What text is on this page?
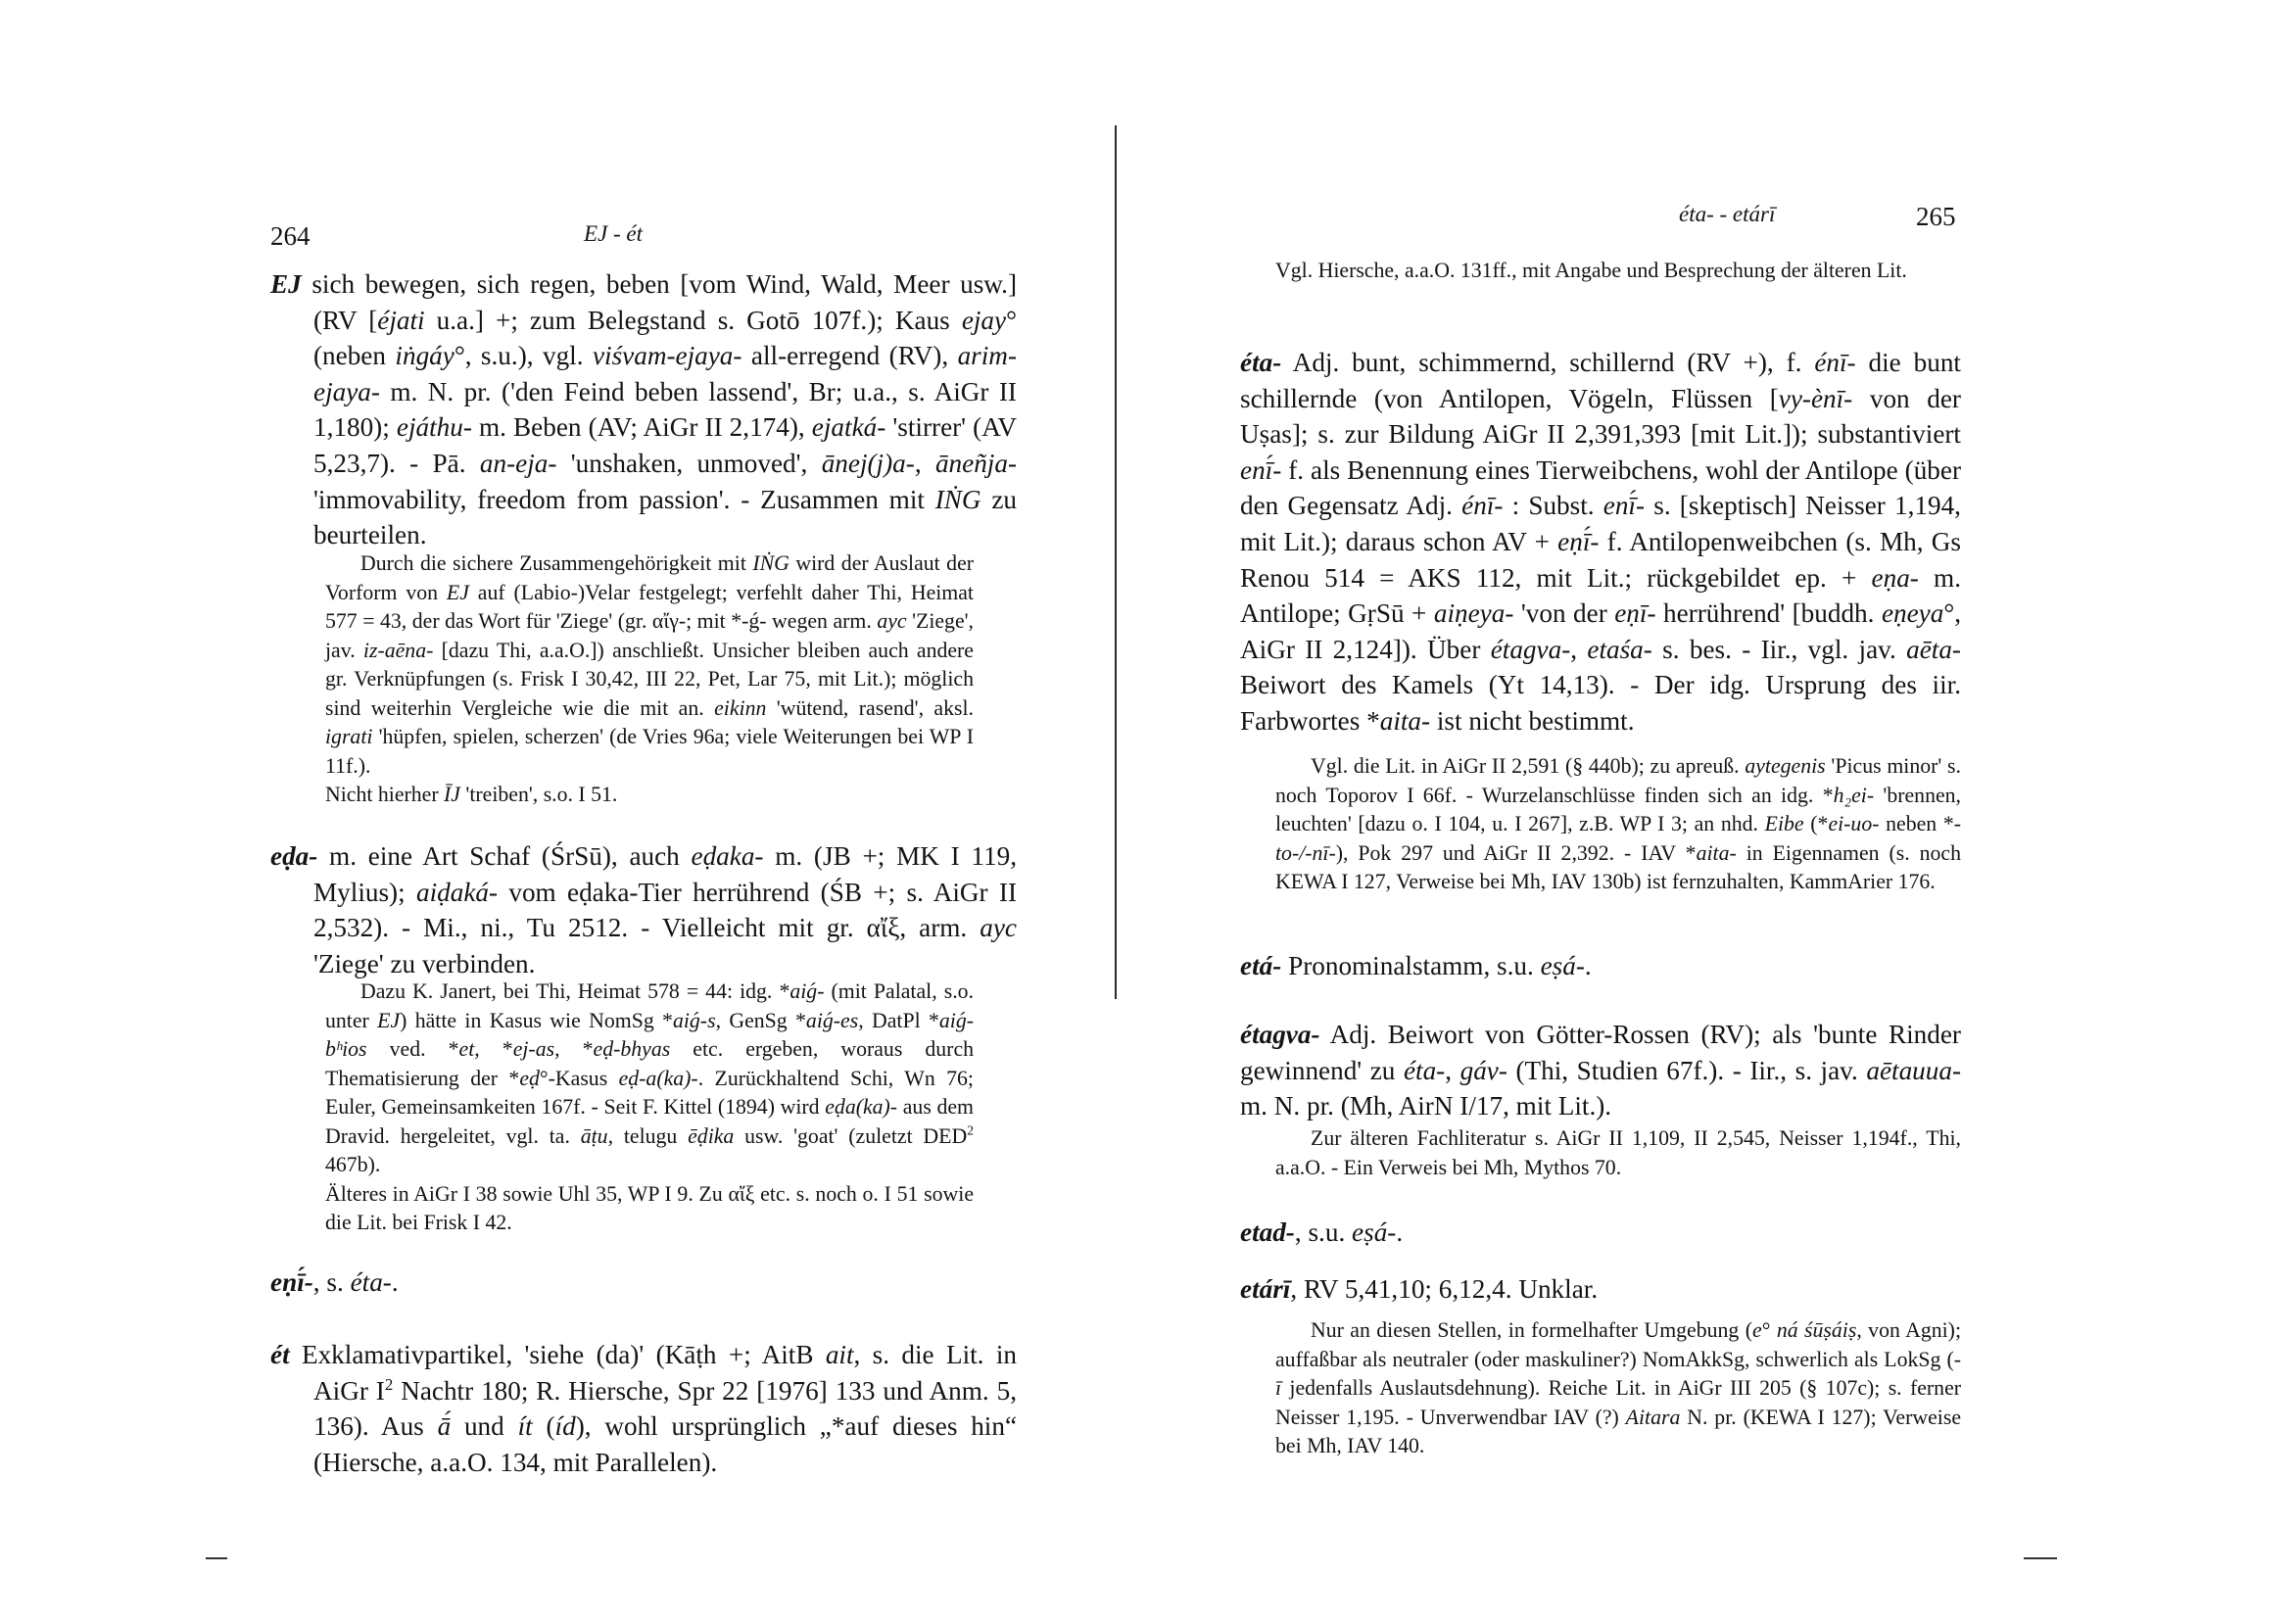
264	EJ - ét

EJ sich bewegen, sich regen, beben [vom Wind, Wald, Meer usw.] (RV [éjati u.a.] +; zum Belegstand s. Gotō 107f.); Kaus ejay° (neben iṅgáy°, s.u.), vgl. viśvam-ejaya- all-erregend (RV), arim-ejaya- m. N. pr. ('den Feind beben lassend', Br; u.a., s. AiGr II 1,180); ejáthu- m. Beben (AV; AiGr II 2,174), ejatká- 'stirrer' (AV 5,23,7). - Pā. an-eja- 'unshaken, unmoved', ānej(j)a-, āneñja- 'immovability, freedom from passion'. - Zusammen mit IṄG zu beurteilen.

Durch die sichere Zusammengehörigkeit mit IṄG wird der Auslaut der Vorform von EJ auf (Labio-)Velar festgelegt; verfehlt daher Thi, Heimat 577 = 43, der das Wort für 'Ziege' (gr. αἴγ-; mit *-ǵ- wegen arm. ayc 'Ziege', jav. iz-aēna- [dazu Thi, a.a.O.]) anschließt. Unsicher bleiben auch andere gr. Verknüpfungen (s. Frisk I 30,42, III 22, Pet, Lar 75, mit Lit.); möglich sind weiterhin Vergleiche wie die mit an. eikinn 'wütend, rasend', aksl. igrati 'hüpfen, spielen, scherzen' (de Vries 96a; viele Weiterungen bei WP I 11f.).
Nicht hierher ĪJ 'treiben', s.o. I 51.

eḍa- m. eine Art Schaf (ŚrSū), auch eḍaka- m. (JB +; MK I 119, Mylius); aiḍaká- vom eḍaka-Tier herrührend (ŚB +; s. AiGr II 2,532). - Mi., ni., Tu 2512. - Vielleicht mit gr. αἴξ, arm. ayc 'Ziege' zu verbinden.

Dazu K. Janert, bei Thi, Heimat 578 = 44: idg. *aiǵ- (mit Palatal, s.o. unter EJ) hätte in Kasus wie NomSg *aiǵ-s, GenSg *aiǵ-es, DatPl *aiǵ-bʰios ved. *et, *ej-as, *eḍ-bhyas etc. ergeben, woraus durch Thematisierung der *eḍ°-Kasus eḍ-a(ka)-. Zurückhaltend Schi, Wn 76; Euler, Gemeinsamkeiten 167f. - Seit F. Kittel (1894) wird eḍa(ka)- aus dem Dravid. hergeleitet, vgl. ta. āṭu, telugu ēḍika usw. 'goat' (zuletzt DED$^2$ 467b).
Älteres in AiGr I 38 sowie Uhl 35, WP I 9. Zu αἴξ etc. s. noch o. I 51 sowie die Lit. bei Frisk I 42.

eṇī́-, s. éta-.

ét Exklamativpartikel, 'siehe (da)' (Kāṭh +; AitB ait, s. die Lit. in AiGr $I^2$ Nachtr 180; R. Hiersche, Spr 22 [1976] 133 und Anm. 5, 136). Aus ā́ und ít (íd), wohl ursprünglich „*auf dieses hin“ (Hiersche, a.a.O. 134, mit Parallelen).

éta- - etárī	265

Vgl. Hiersche, a.a.O. 131ff., mit Angabe und Besprechung der älteren Lit.

éta- Adj. bunt, schimmernd, schillernd (RV +), f. énī- die bunt schillernde (von Antilopen, Vögeln, Flüssen [vy-ènī- von der Uṣas]; s. zur Bildung AiGr II 2,391,393 [mit Lit.]); substantiviert enī́- f. als Benennung eines Tierweibchens, wohl der Antilope (über den Gegensatz Adj. énī- : Subst. enī́- s. [skeptisch] Neisser 1,194, mit Lit.); daraus schon AV + eṇī́- f. Antilopenweibchen (s. Mh, Gs Renou 514 = AKS 112, mit Lit.; rückgebildet ep. + eṇa- m. Antilope; GṛSū + aiṇeya- 'von der eṇī- herrührend' [buddh. eṇeya°, AiGr II 2,124]). Über étagva-, etaśa- s. bes. - Iir., vgl. jav. aēta- Beiwort des Kamels (Yt 14,13). - Der idg. Ursprung des iir. Farbwortes *aita- ist nicht bestimmt.

Vgl. die Lit. in AiGr II 2,591 (§ 440b); zu apreuß. aytegenis 'Picus minor' s. noch Toporov I 66f. - Wurzelanschlüsse finden sich an idg. *h₂ei- 'brennen, leuchten' [dazu o. I 104, u. I 267], z.B. WP I 3; an nhd. Eibe (*ei-uo- neben *-to-/-nī-), Pok 297 und AiGr II 2,392. - IAV *aita- in Eigennamen (s. noch KEWA I 127, Verweise bei Mh, IAV 130b) ist fernzuhalten, KammArier 176.

etá- Pronominalstamm, s.u. eṣá-.

étagva- Adj. Beiwort von Götter-Rossen (RV); als 'bunte Rinder gewinnend' zu éta-, gáv- (Thi, Studien 67f.). - Iir., s. jav. aētauua- m. N. pr. (Mh, AirN I/17, mit Lit.).

Zur älteren Fachliteratur s. AiGr II 1,109, II 2,545, Neisser 1,194f., Thi, a.a.O. - Ein Verweis bei Mh, Mythos 70.

etad-, s.u. eṣá-.

etárī, RV 5,41,10; 6,12,4. Unklar.

Nur an diesen Stellen, in formelhafter Umgebung (e° ná śūṣáiṣ, von Agni); auffaßbar als neutraler (oder maskuliner?) NomAkkSg, schwerlich als LokSg (-ī jedenfalls Auslautsdehnung). Reiche Lit. in AiGr III 205 (§ 107c); s. ferner Neisser 1,195. - Unverwendbar IAV (?) Aitara N. pr. (KEWA I 127); Verweise bei Mh, IAV 140.
